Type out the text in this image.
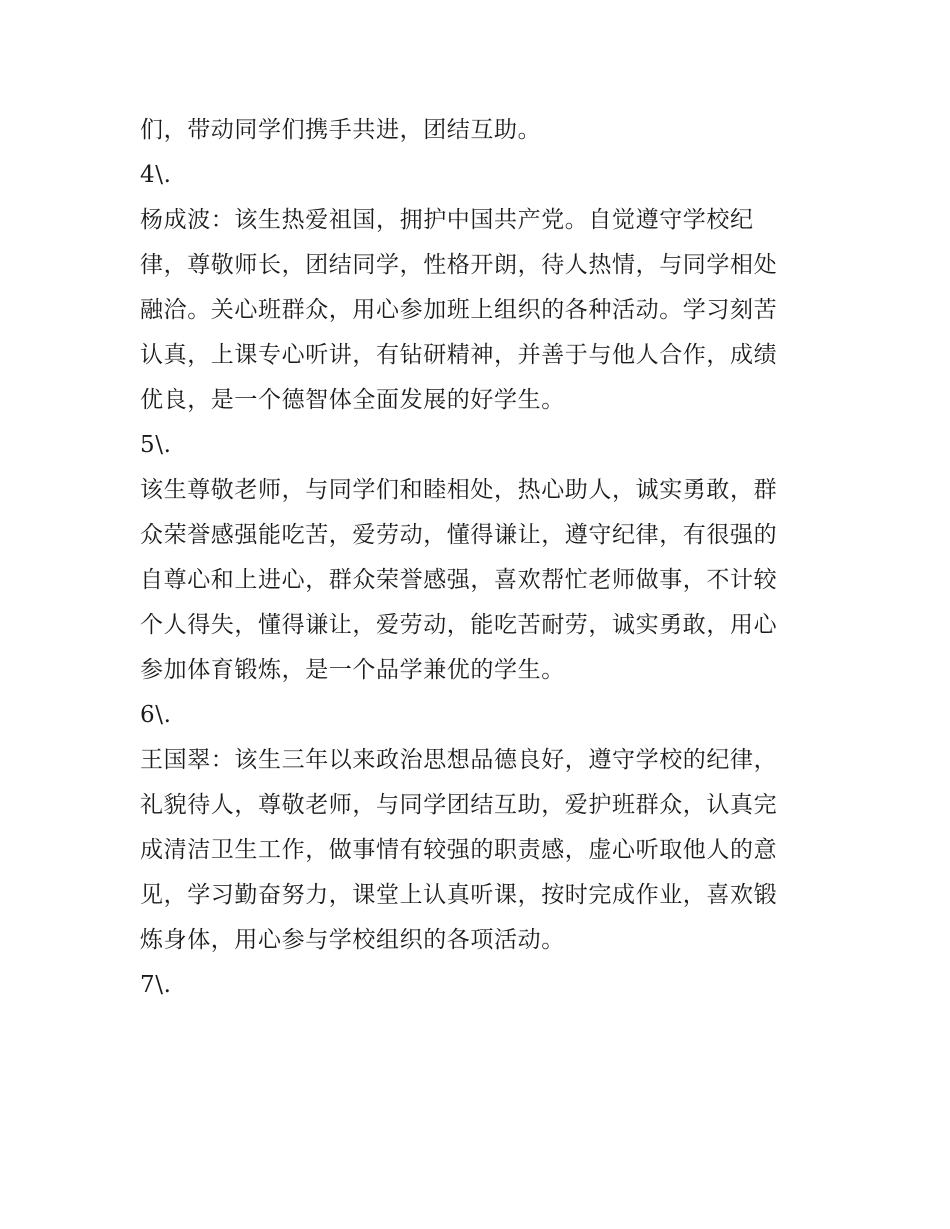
们，带动同学们携手共进，团结互助。
4\.
杨成波：该生热爱祖国，拥护中国共产党。自觉遵守学校纪
律，尊敬师长，团结同学，性格开朗，待人热情，与同学相处
融洽。关心班群众，用心参加班上组织的各种活动。学习刻苦
认真，上课专心听讲，有钻研精神，并善于与他人合作，成绩
优良，是一个德智体全面发展的好学生。
5\.
该生尊敬老师，与同学们和睦相处，热心助人，诚实勇敢，群
众荣誉感强能吃苦，爱劳动，懂得谦让，遵守纪律，有很强的
自尊心和上进心，群众荣誉感强，喜欢帮忙老师做事，不计较
个人得失，懂得谦让，爱劳动，能吃苦耐劳，诚实勇敢，用心
参加体育锻炼，是一个品学兼优的学生。
6\.
王国翠：该生三年以来政治思想品德良好，遵守学校的纪律，
礼貌待人，尊敬老师，与同学团结互助，爱护班群众，认真完
成清洁卫生工作，做事情有较强的职责感，虚心听取他人的意
见，学习勤奋努力，课堂上认真听课，按时完成作业，喜欢锻
炼身体，用心参与学校组织的各项活动。
7\.
